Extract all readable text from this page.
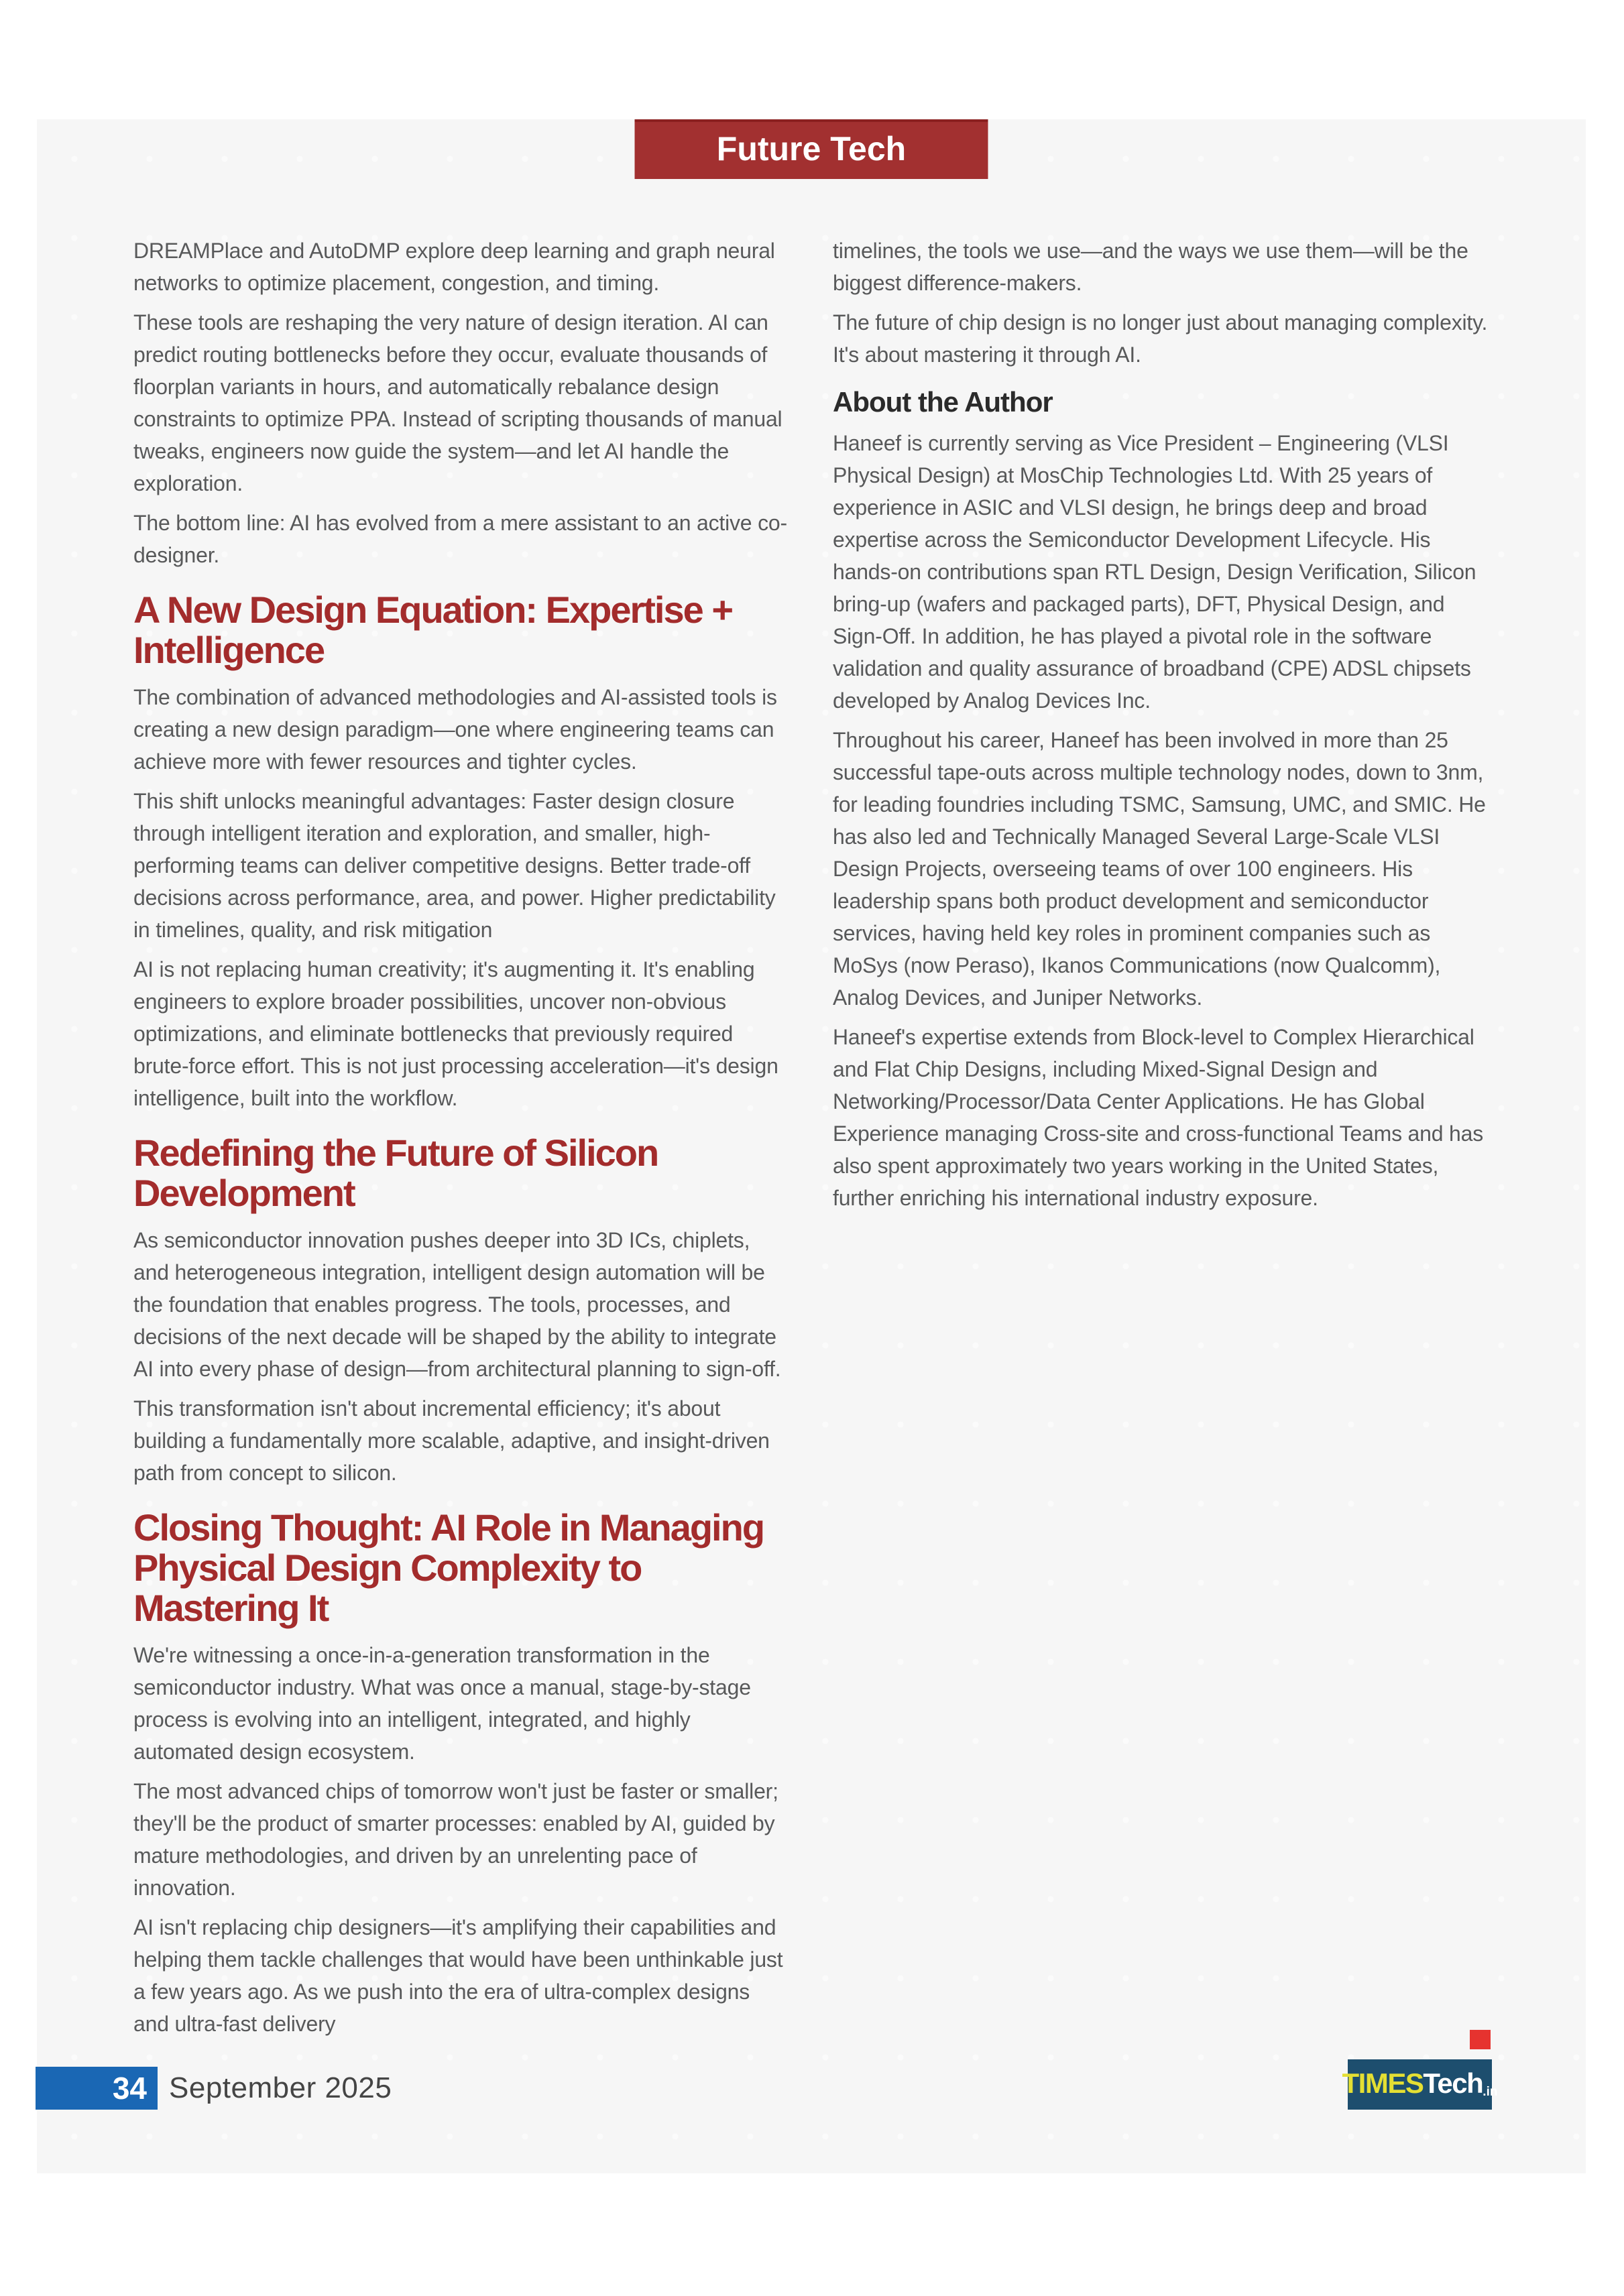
Future Tech

DREAMPlace and AutoDMP explore deep learning and graph neural networks to optimize placement, congestion, and timing.

These tools are reshaping the very nature of design iteration. AI can predict routing bottlenecks before they occur, evaluate thousands of floorplan variants in hours, and automatically rebalance design constraints to optimize PPA. Instead of scripting thousands of manual tweaks, engineers now guide the system—and let AI handle the exploration.

The bottom line: AI has evolved from a mere assistant to an active co-designer.

A New Design Equation: Expertise + Intelligence

The combination of advanced methodologies and AI-assisted tools is creating a new design paradigm—one where engineering teams can achieve more with fewer resources and tighter cycles.

This shift unlocks meaningful advantages: Faster design closure through intelligent iteration and exploration, and smaller, high-performing teams can deliver competitive designs. Better trade-off decisions across performance, area, and power. Higher predictability in timelines, quality, and risk mitigation

AI is not replacing human creativity; it's augmenting it. It's enabling engineers to explore broader possibilities, uncover non-obvious optimizations, and eliminate bottlenecks that previously required brute-force effort. This is not just processing acceleration—it's design intelligence, built into the workflow.

Redefining the Future of Silicon Development

As semiconductor innovation pushes deeper into 3D ICs, chiplets, and heterogeneous integration, intelligent design automation will be the foundation that enables progress. The tools, processes, and decisions of the next decade will be shaped by the ability to integrate AI into every phase of design—from architectural planning to sign-off.

This transformation isn't about incremental efficiency; it's about building a fundamentally more scalable, adaptive, and insight-driven path from concept to silicon.

Closing Thought: AI Role in Managing Physical Design Complexity to Mastering It

We're witnessing a once-in-a-generation transformation in the semiconductor industry. What was once a manual, stage-by-stage process is evolving into an intelligent, integrated, and highly automated design ecosystem.

The most advanced chips of tomorrow won't just be faster or smaller; they'll be the product of smarter processes: enabled by AI, guided by mature methodologies, and driven by an unrelenting pace of innovation.

AI isn't replacing chip designers—it's amplifying their capabilities and helping them tackle challenges that would have been unthinkable just a few years ago. As we push into the era of ultra-complex designs and ultra-fast delivery

timelines, the tools we use—and the ways we use them—will be the biggest difference-makers.

The future of chip design is no longer just about managing complexity. It's about mastering it through AI.

About the Author

Haneef is currently serving as Vice President – Engineering (VLSI Physical Design) at MosChip Technologies Ltd. With 25 years of experience in ASIC and VLSI design, he brings deep and broad expertise across the Semiconductor Development Lifecycle. His hands-on contributions span RTL Design, Design Verification, Silicon bring-up (wafers and packaged parts), DFT, Physical Design, and Sign-Off. In addition, he has played a pivotal role in the software validation and quality assurance of broadband (CPE) ADSL chipsets developed by Analog Devices Inc.

Throughout his career, Haneef has been involved in more than 25 successful tape-outs across multiple technology nodes, down to 3nm, for leading foundries including TSMC, Samsung, UMC, and SMIC. He has also led and Technically Managed Several Large-Scale VLSI Design Projects, overseeing teams of over 100 engineers. His leadership spans both product development and semiconductor services, having held key roles in prominent companies such as MoSys (now Peraso), Ikanos Communications (now Qualcomm), Analog Devices, and Juniper Networks.

Haneef's expertise extends from Block-level to Complex Hierarchical and Flat Chip Designs, including Mixed-Signal Design and Networking/Processor/Data Center Applications. He has Global Experience managing Cross-site and cross-functional Teams and has also spent approximately two years working in the United States, further enriching his international industry exposure.

34 September 2025	TIMES Tech .in
